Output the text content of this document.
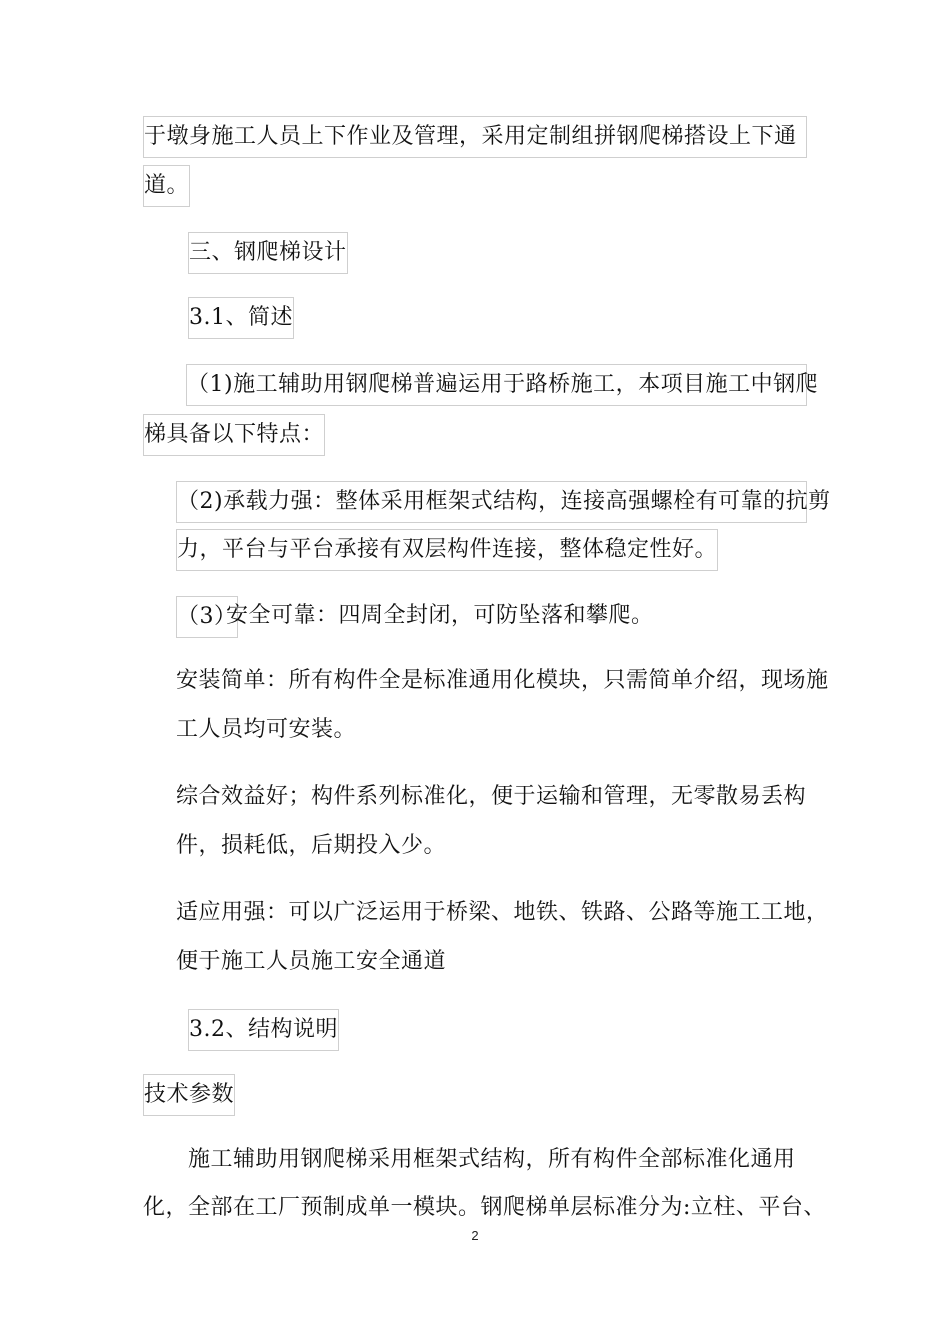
于墩身施工人员上下作业及管理，采用定制组拼钢爬梯搭设上下通
道。
三、钢爬梯设计
3.1、简述
（1)施工辅助用钢爬梯普遍运用于路桥施工，本项目施工中钢爬
梯具备以下特点：
（2)承载力强：整体采用框架式结构，连接高强螺栓有可靠的抗剪
力，平台与平台承接有双层构件连接，整体稳定性好。
（3）
安全可靠：四周全封闭，可防坠落和攀爬。
安装简单：所有构件全是标准通用化模块，只需简单介绍，现场施
工人员均可安装。
综合效益好；构件系列标准化，便于运输和管理，无零散易丢构
件，损耗低，后期投入少。
适应用强：可以广泛运用于桥梁、地铁、铁路、公路等施工工地，
便于施工人员施工安全通道
3.2、结构说明
技术参数
施工辅助用钢爬梯采用框架式结构，所有构件全部标准化通用
化，全部在工厂预制成单一模块。钢爬梯单层标准分为:立柱、平台、
2
